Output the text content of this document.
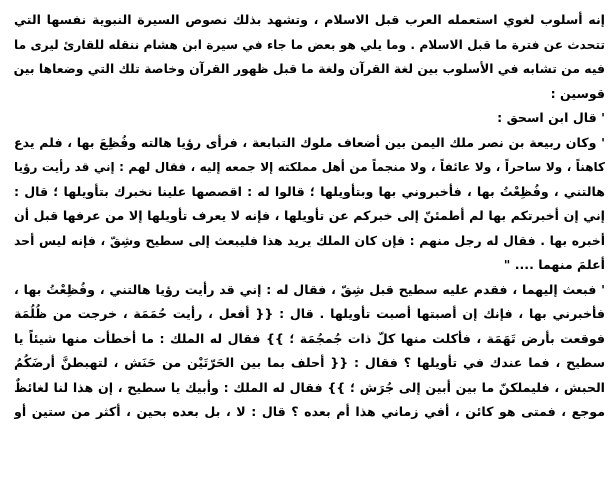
إنه أسلوب لغوي استعمله العرب قبل الاسلام ، وتشهد بذلك نصوص السيرة النبوية نفسها التي
تتحدث عن فترة ما قبل الاسلام . وما يلي هو بعض ما جاء في سيرة ابن هشام ننقله للقارئ ليرى ما
فيه من تشابه في الأسلوب بين لغة القرآن ولغة ما قبل ظهور القرآن وخاصة تلك التي وضعاها بين
قوسين :
' قال ابن اسحق :
' وكان ربيعة بن نصر ملك اليمن بين أضعاف ملوك التبابعة ، فرأى رؤيا هالته وفُظِعَ بها ، فلم يدع
كاهناً ، ولا ساحراً ، ولا عائفاً ، ولا منجماً من أهل مملكته إلا جمعه إليه ، فقال لهم : إني قد رأيت رؤيا
هالتني ، وفُظِعْتُ بها ، فأخبروني بها وبتأويلها ؛ قالوا له : اقصصها علينا نخبرك بتأويلها ؛ قال :
إني إن أخبرتكم بها لم أطمئنّ إلى خبركم عن تأويلها ، فإنه لا يعرف تأويلها إلا من عرفها قبل أن
أخبره بها . فقال له رجل منهم : فإن كان الملك يريد هذا فليبعث إلى سطيح وشِقّ ، فإنه ليس أحد
أعلمَ منهما .... "
' فبعث إليهما ، فقدم عليه سطيح قبل شِقّ ، فقال له : إني قد رأيت رؤيا هالتني ، وفُظِعْتُ بها ،
فأخبرني بها ، فإنك إن أصبتها أصبت تأويلها . قال : {{ أفعل ، رأيت حُمَمَة ، خرجت من ظُلُمَة
فوقعت بأرض تَهَمَة ، فأكلت منها كلّ ذات جُمجُمَة ؛ }} فقال له الملك : ما أخطأت منها شيئاً يا
سطيح ، فما عندك في تأويلها ؟ فقال : {{ أحلف بما بين الحَرّتَيْن من حَنَش ، لتهبطنَّ أرضَكُمُ
الحبش ، فليملكنّ ما بين أبين إلى جُرَش ؛ }} فقال له الملك : وأبيك يا سطيح ، إن هذا لنا لغائظٌ
موجع ، فمتى هو كائن ، أفي زماني هذا أم بعده ؟ قال : لا ، بل بعده بحين ، أكثر من ستين أو
